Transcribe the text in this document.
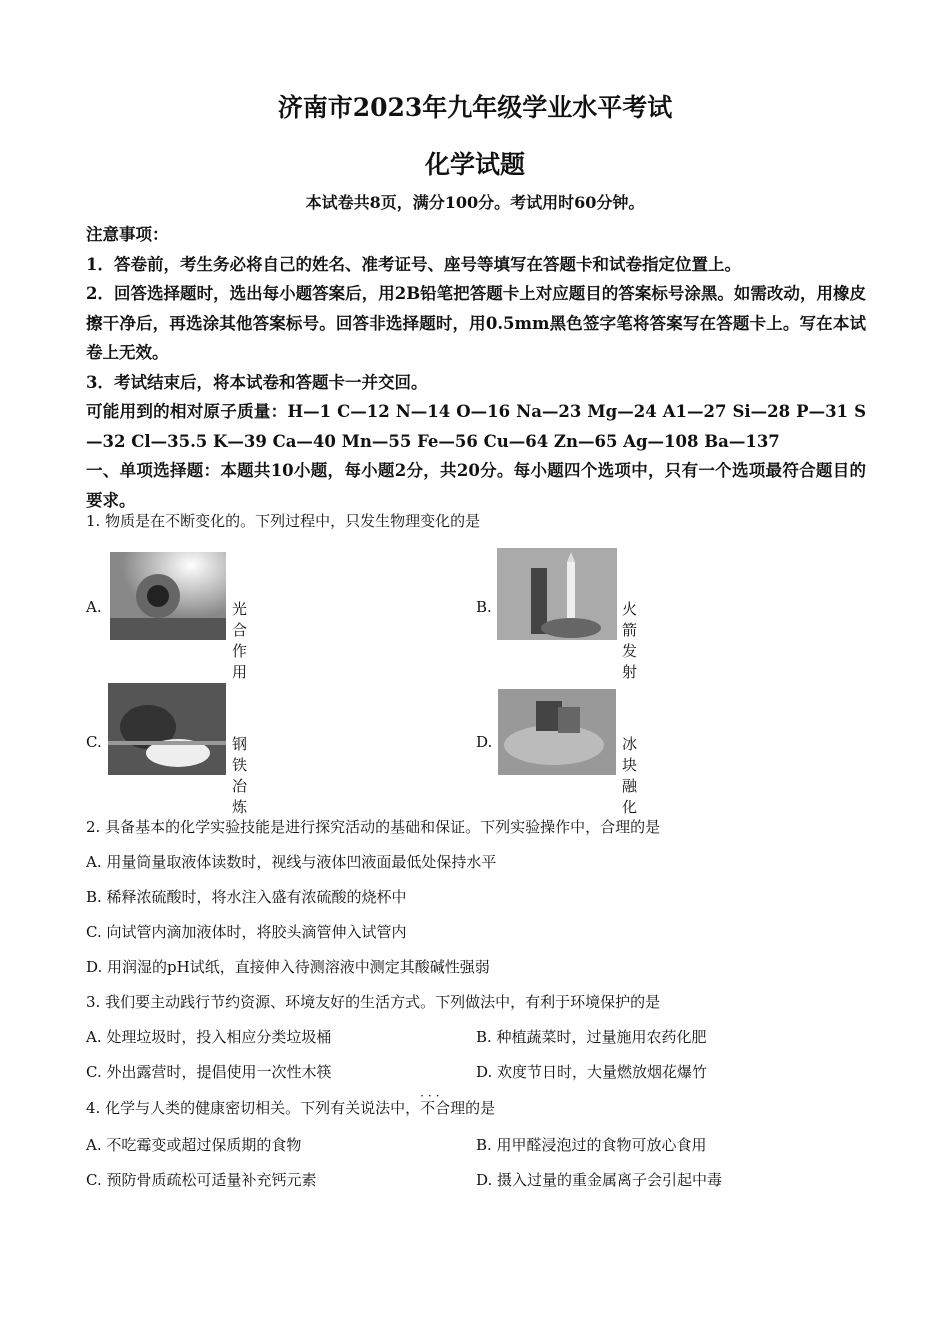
济南市2023年九年级学业水平考试
化学试题
本试卷共8页，满分100分。考试用时60分钟。

注意事项：

1．答卷前，考生务必将自己的姓名、准考证号、座号等填写在答题卡和试卷指定位置上。

2．回答选择题时，选出每小题答案后，用2B铅笔把答题卡上对应题目的答案标号涂黑。如需改动，用橡皮擦干净后，再选涂其他答案标号。回答非选择题时，用0.5mm黑色签字笔将答案写在答题卡上。写在本试卷上无效。

3．考试结束后，将本试卷和答题卡一并交回。

可能用到的相对原子质量：H—1 C—12 N—14 O—16 Na—23 Mg—24 A1—27 Si—28 P—31 S—32 Cl—35.5 K—39 Ca—40 Mn—55 Fe—56 Cu—64 Zn—65 Ag—108 Ba—137

一、单项选择题：本题共10小题，每小题2分，共20分。每小题四个选项中，只有一个选项最符合题目的要求。

1. 物质是在不断变化的。下列过程中，只发生物理变化的是
A.	光合作用
B.	火箭发射
C.	钢铁冶炼
D.	冰块融化
2. 具备基本的化学实验技能是进行探究活动的基础和保证。下列实验操作中，合理的是
A. 用量筒量取液体读数时，视线与液体凹液面最低处保持水平
B. 稀释浓硫酸时，将水注入盛有浓硫酸的烧杯中
C. 向试管内滴加液体时，将胶头滴管伸入试管内
D. 用润湿的pH试纸，直接伸入待测溶液中测定其酸碱性强弱
3. 我们要主动践行节约资源、环境友好的生活方式。下列做法中，有利于环境保护的是
A. 处理垃圾时，投入相应分类垃圾桶	B. 种植蔬菜时，过量施用农药化肥
C. 外出露营时，提倡使用一次性木筷	D. 欢度节日时，大量燃放烟花爆竹
4. 化学与人类的健康密切相关。下列有关说法中，
···
不合理的是
A. 不吃霉变或超过保质期的食物	B. 用甲醛浸泡过的食物可放心食用
C. 预防骨质疏松可适量补充钙元素	D. 摄入过量的重金属离子会引起中毒
